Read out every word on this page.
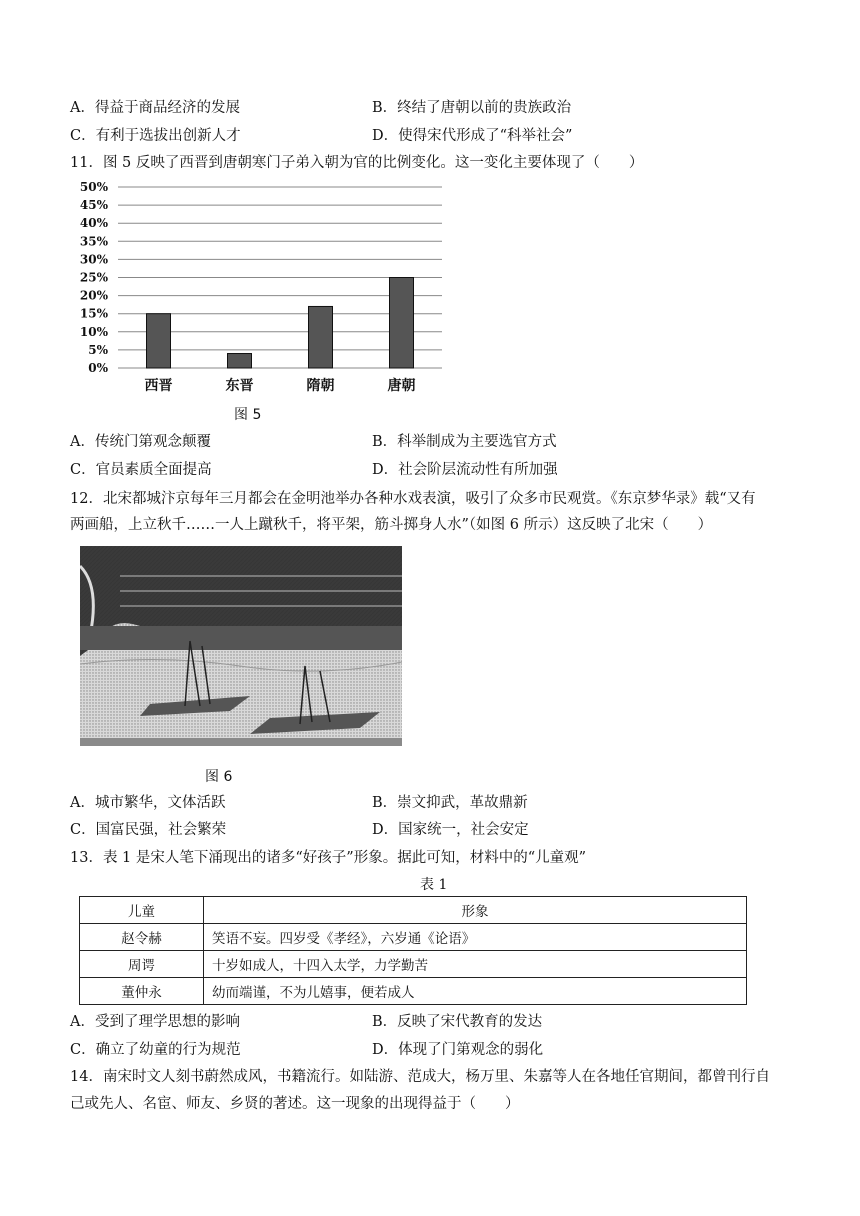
A．得益于商品经济的发展	B．终结了唐朝以前的贵族政治
C．有利于选拔出创新人才	D．使得宋代形成了“科举社会”
11．图 5 反映了西晋到唐朝寒门子弟入朝为官的比例变化。这一变化主要体现了（　　）
0%
5%
10%
15%
20%
25%
30%
35%
40%
45%
50%
西晋	东晋	隋朝	唐朝
图 5
A．传统门第观念颠覆	B．科举制成为主要选官方式
C．官员素质全面提高	D．社会阶层流动性有所加强
12．北宋都城汴京每年三月都会在金明池举办各种水戏表演，吸引了众多市民观赏。《东京梦华录》载“又有
两画船，上立秋千……一人上蹴秋千，将平架，筋斗掷身人水”（如图 6 所示）这反映了北宋（　　）
图 6
A．城市繁华，文体活跃	B．崇文抑武，革故鼎新
C．国富民强，社会繁荣	D．国家统一，社会安定
13．表 1 是宋人笔下涌现出的诸多“好孩子”形象。据此可知，材料中的“儿童观”
表 1
儿童	形象
赵令赫	笑语不妄。四岁受《孝经》，六岁通《论语》
周谔	十岁如成人，十四入太学，力学勤苦
董仲永	幼而端谨，不为儿嬉事，便若成人
A．受到了理学思想的影响	B．反映了宋代教育的发达
C．确立了幼童的行为规范	D．体现了门第观念的弱化
14．南宋时文人刻书蔚然成风，书籍流行。如陆游、范成大，杨万里、朱嘉等人在各地任官期间，都曾刊行自
己或先人、名宦、师友、乡贤的著述。这一现象的出现得益于（　　）
